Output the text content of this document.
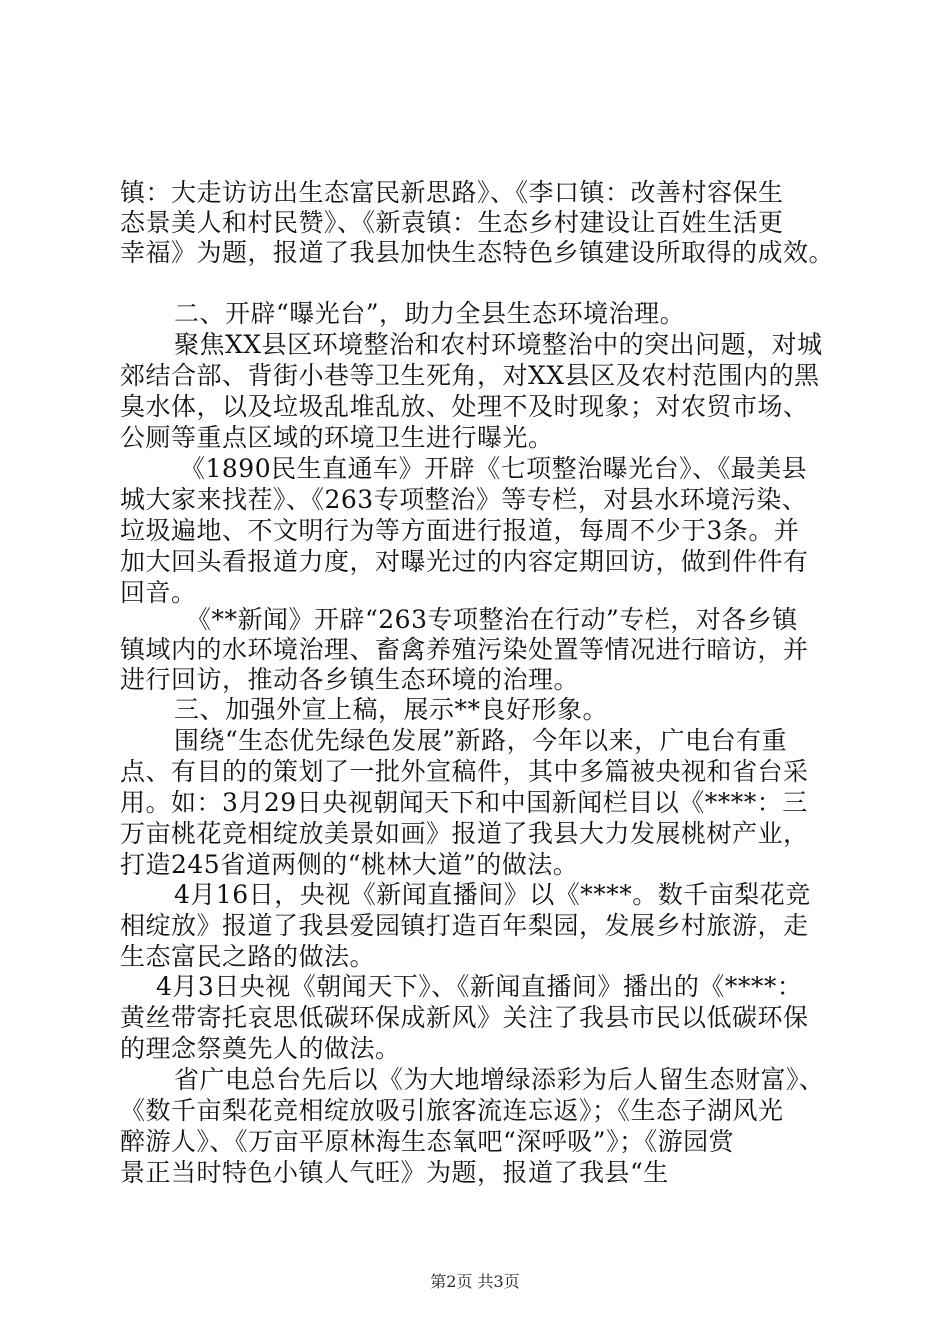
镇：大走访访出生态富民新思路》、《李口镇：改善村容保生
态景美人和村民赞》、《新袁镇：生态乡村建设让百姓生活更
幸福》为题，报道了我县加快生态特色乡镇建设所取得的成效。
二、开辟“曝光台”，助力全县生态环境治理。
聚焦XX县区环境整治和农村环境整治中的突出问题，对城
郊结合部、背街小巷等卫生死角，对XX县区及农村范围内的黑
臭水体，以及垃圾乱堆乱放、处理不及时现象；对农贸市场、
公厕等重点区域的环境卫生进行曝光。
《1890民生直通车》开辟《七项整治曝光台》、《最美县
城大家来找茬》、《263专项整治》等专栏，对县水环境污染、
垃圾遍地、不文明行为等方面进行报道，每周不少于3条。并
加大回头看报道力度，对曝光过的内容定期回访，做到件件有
回音。
《**新闻》开辟“263专项整治在行动”专栏，对各乡镇
镇域内的水环境治理、畜禽养殖污染处置等情况进行暗访，并
进行回访，推动各乡镇生态环境的治理。
三、加强外宣上稿，展示**良好形象。
围绕“生态优先绿色发展”新路，今年以来，广电台有重
点、有目的的策划了一批外宣稿件，其中多篇被央视和省台采
用。如：3月29日央视朝闻天下和中国新闻栏目以《****：三
万亩桃花竞相绽放美景如画》报道了我县大力发展桃树产业，
打造245省道两侧的“桃林大道”的做法。
4月16日，央视《新闻直播间》以《****。数千亩梨花竞
相绽放》报道了我县爱园镇打造百年梨园，发展乡村旅游，走
生态富民之路的做法。
4月3日央视《朝闻天下》、《新闻直播间》播出的《****：
黄丝带寄托哀思低碳环保成新风》关注了我县市民以低碳环保
的理念祭奠先人的做法。
省广电总台先后以《为大地增绿添彩为后人留生态财富》、
《数千亩梨花竞相绽放吸引旅客流连忘返》；《生态子湖风光
醉游人》、《万亩平原林海生态氧吧“深呼吸”》；《游园赏
景正当时特色小镇人气旺》为题，报道了我县“生
第2页 共3页
